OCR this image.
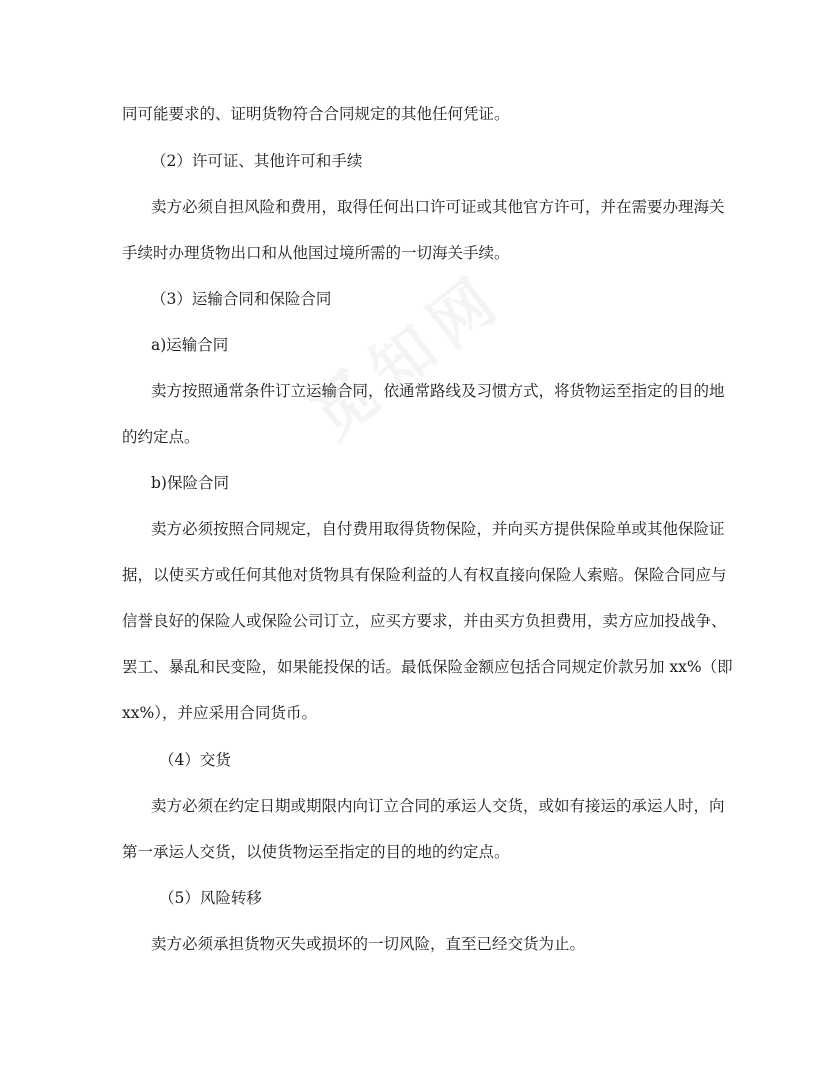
同可能要求的、证明货物符合合同规定的其他任何凭证。
（2）许可证、其他许可和手续
卖方必须自担风险和费用，取得任何出口许可证或其他官方许可，并在需要办理海关
手续时办理货物出口和从他国过境所需的一切海关手续。
（3）运输合同和保险合同
a)运输合同
卖方按照通常条件订立运输合同，依通常路线及习惯方式，将货物运至指定的目的地
的约定点。
b)保险合同
卖方必须按照合同规定，自付费用取得货物保险，并向买方提供保险单或其他保险证
据，以使买方或任何其他对货物具有保险利益的人有权直接向保险人索赔。保险合同应与
信誉良好的保险人或保险公司订立，应买方要求，并由买方负担费用，卖方应加投战争、
罢工、暴乱和民变险，如果能投保的话。最低保险金额应包括合同规定价款另加 xx%（即
xx%），并应采用合同货币。
（4）交货
卖方必须在约定日期或期限内向订立合同的承运人交货，或如有接运的承运人时，向
第一承运人交货，以使货物运至指定的目的地的约定点。
（5）风险转移
卖方必须承担货物灭失或损坏的一切风险，直至已经交货为止。
